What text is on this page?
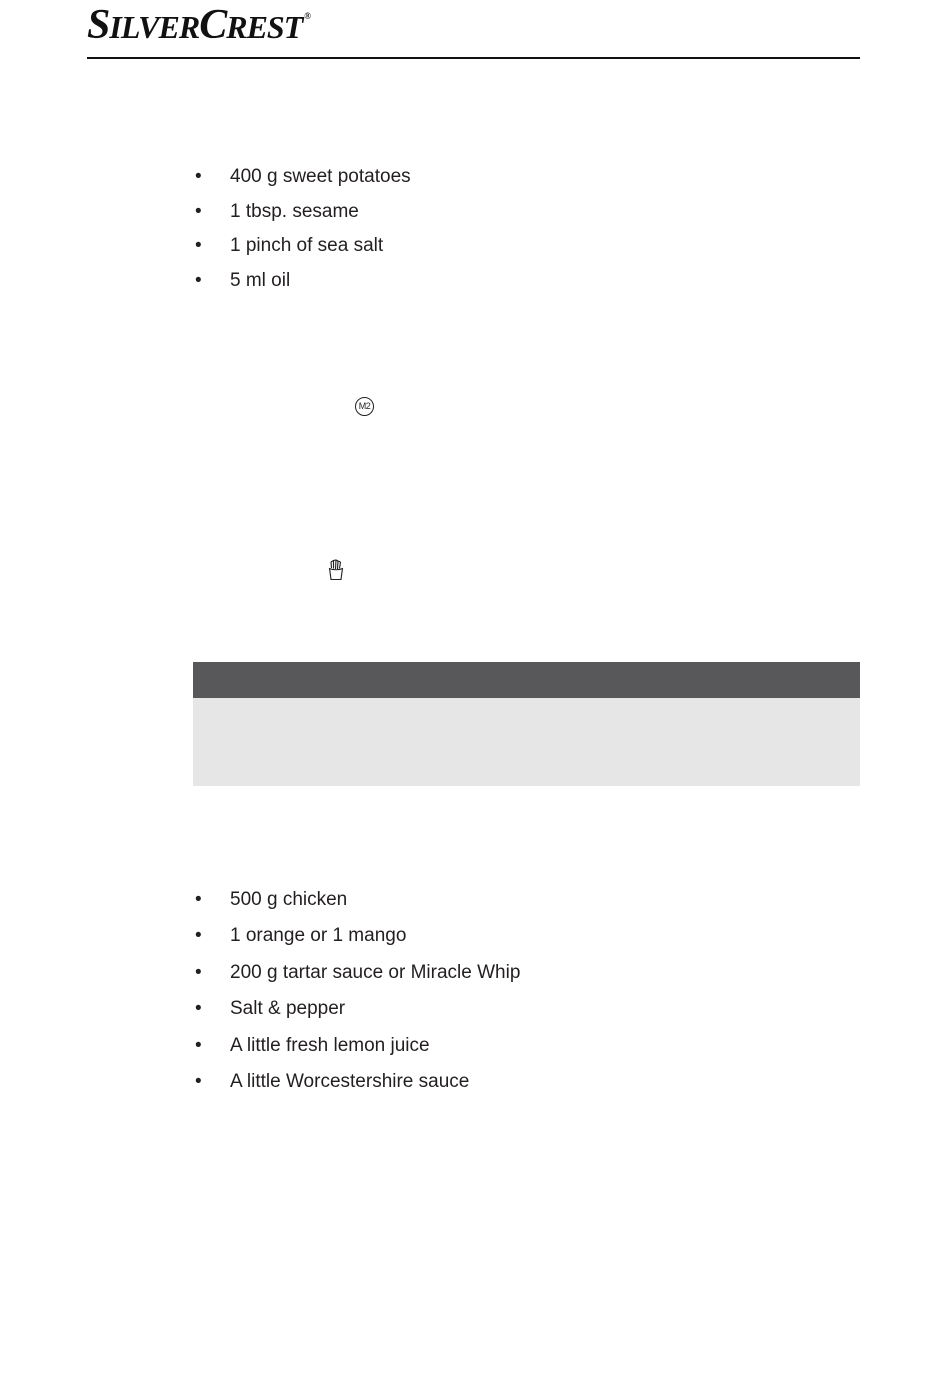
SILVERCREST ®
• 400 g sweet potatoes
• 1 tbsp. sesame
• 1 pinch of sea salt
• 5 ml oil
M2
• 500 g chicken
• 1 orange or 1 mango
• 200 g tartar sauce or Miracle Whip
• Salt & pepper
• A little fresh lemon juice
• A little Worcestershire sauce
